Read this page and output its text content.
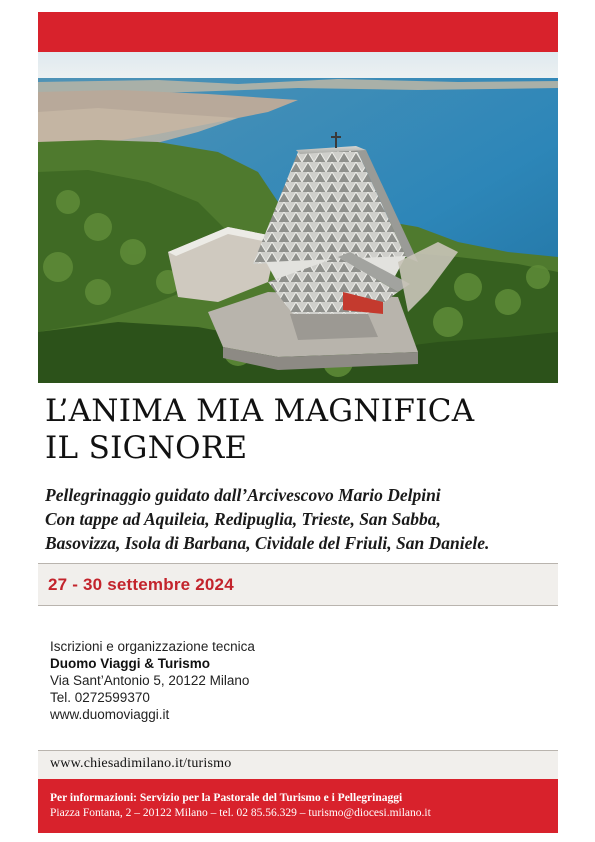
L’ANIMA MIA MAGNIFICA
IL SIGNORE
Pellegrinaggio guidato dall’Arcivescovo Mario Delpini
Con tappe ad Aquileia, Redipuglia, Trieste, San Sabba,
Basovizza, Isola di Barbana, Cividale del Friuli, San Daniele.
27 - 30 settembre 2024
Iscrizioni e organizzazione tecnica
Duomo Viaggi & Turismo
Via Sant’Antonio 5, 20122 Milano
Tel. 0272599370
www.duomoviaggi.it
www.chiesadimilano.it/turismo
Per informazioni: Servizio per la Pastorale del Turismo e i Pellegrinaggi
Piazza Fontana, 2 – 20122 Milano – tel. 02 85.56.329 – turismo@diocesi.milano.it
